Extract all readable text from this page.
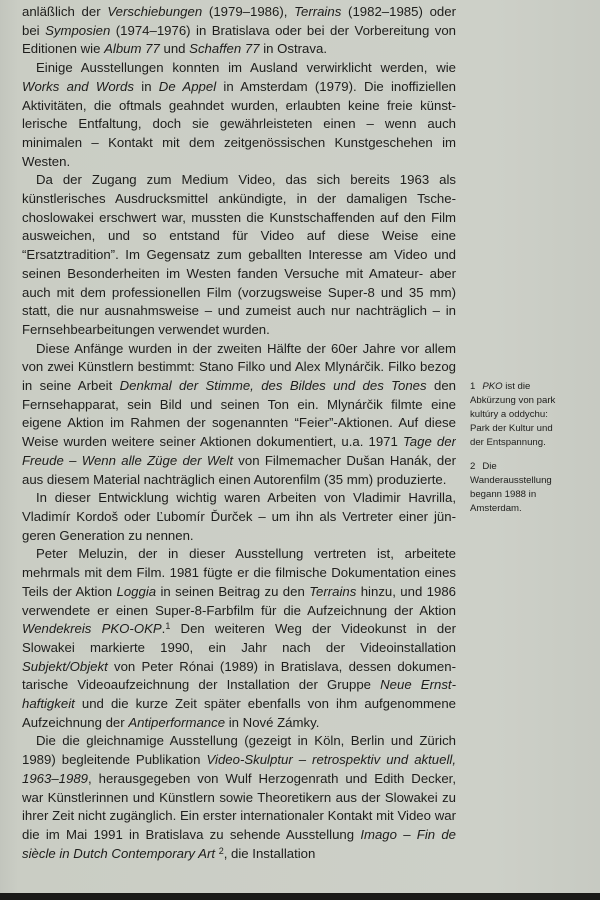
anläßlich der Verschiebungen (1979–1986), Terrains (1982–1985) oder bei Symposien (1974–1976) in Bratislava oder bei der Vorbereitung von Editionen wie Album 77 und Schaffen 77 in Ostrava.

Einige Ausstellungen konnten im Ausland verwirklicht werden, wie Works and Words in De Appel in Amsterdam (1979). Die inoffiziellen Aktivitäten, die oftmals geahndet wurden, erlaubten keine freie künstlerische Entfaltung, doch sie gewährleisteten einen – wenn auch minimalen – Kontakt mit dem zeitgenössischen Kunstgeschehen im Westen.

Da der Zugang zum Medium Video, das sich bereits 1963 als künstlerisches Ausdrucksmittel ankündigte, in der damaligen Tschechoslowakei erschwert war, mussten die Kunstschaffenden auf den Film ausweichen, und so entstand für Video auf diese Weise eine “Ersatztradition”. Im Gegensatz zum geballten Interesse am Video und seinen Besonderheiten im Westen fanden Versuche mit Amateur- aber auch mit dem professionellen Film (vorzugsweise Super-8 und 35 mm) statt, die nur ausnahmsweise – und zumeist auch nur nachträglich – in Fernsehbearbeitungen verwendet wurden.

Diese Anfänge wurden in der zweiten Hälfte der 60er Jahre vor allem von zwei Künstlern bestimmt: Stano Filko und Alex Mlynárčik. Filko bezog in seine Arbeit Denkmal der Stimme, des Bildes und des Tones den Fernsehapparat, sein Bild und seinen Ton ein. Mlynárčik filmte eine eigene Aktion im Rahmen der sogenannten “Feier”-Aktionen. Auf diese Weise wurden weitere seiner Aktionen dokumentiert, u.a. 1971 Tage der Freude – Wenn alle Züge der Welt von Filmemacher Dušan Hanák, der aus diesem Material nachträglich einen Autorenfilm (35 mm) produzierte.

In dieser Entwicklung wichtig waren Arbeiten von Vladimir Havrilla, Vladimír Kordoš oder Ľubomír Ďurček – um ihn als Vertreter einer jüngeren Generation zu nennen.

Peter Meluzin, der in dieser Ausstellung vertreten ist, arbeitete mehrmals mit dem Film. 1981 fügte er die filmische Dokumentation eines Teils der Aktion Loggia in seinen Beitrag zu den Terrains hinzu, und 1986 verwendete er einen Super-8-Farbfilm für die Aufzeichnung der Aktion Wendekreis PKO-OKP.$^1$ Den weiteren Weg der Videokunst in der Slowakei markierte 1990, ein Jahr nach der Videoinstallation Subjekt/Objekt von Peter Rónai (1989) in Bratislava, dessen dokumentarische Videoaufzeichnung der Installation der Gruppe Neue Ernsthaftigkeit und die kurze Zeit später ebenfalls von ihm aufgenommene Aufzeichnung der Antiperformance in Nové Zámky.

Die die gleichnamige Ausstellung (gezeigt in Köln, Berlin und Zürich 1989) begleitende Publikation Video-Skulptur – retrospektiv und aktuell, 1963–1989, herausgegeben von Wulf Herzogenrath und Edith Decker, war Künstlerinnen und Künstlern sowie Theoretikern aus der Slowakei zu ihrer Zeit nicht zugänglich. Ein erster internationaler Kontakt mit Video war die im Mai 1991 in Bratislava zu sehende Ausstellung Imago – Fin de siècle in Dutch Contemporary Art $^2$, die Installation

1 PKO ist die Abkürzung von park kultúry a oddychu: Park der Kultur und der Entspannung.
2 Die Wanderausstellung begann 1988 in Amsterdam.
